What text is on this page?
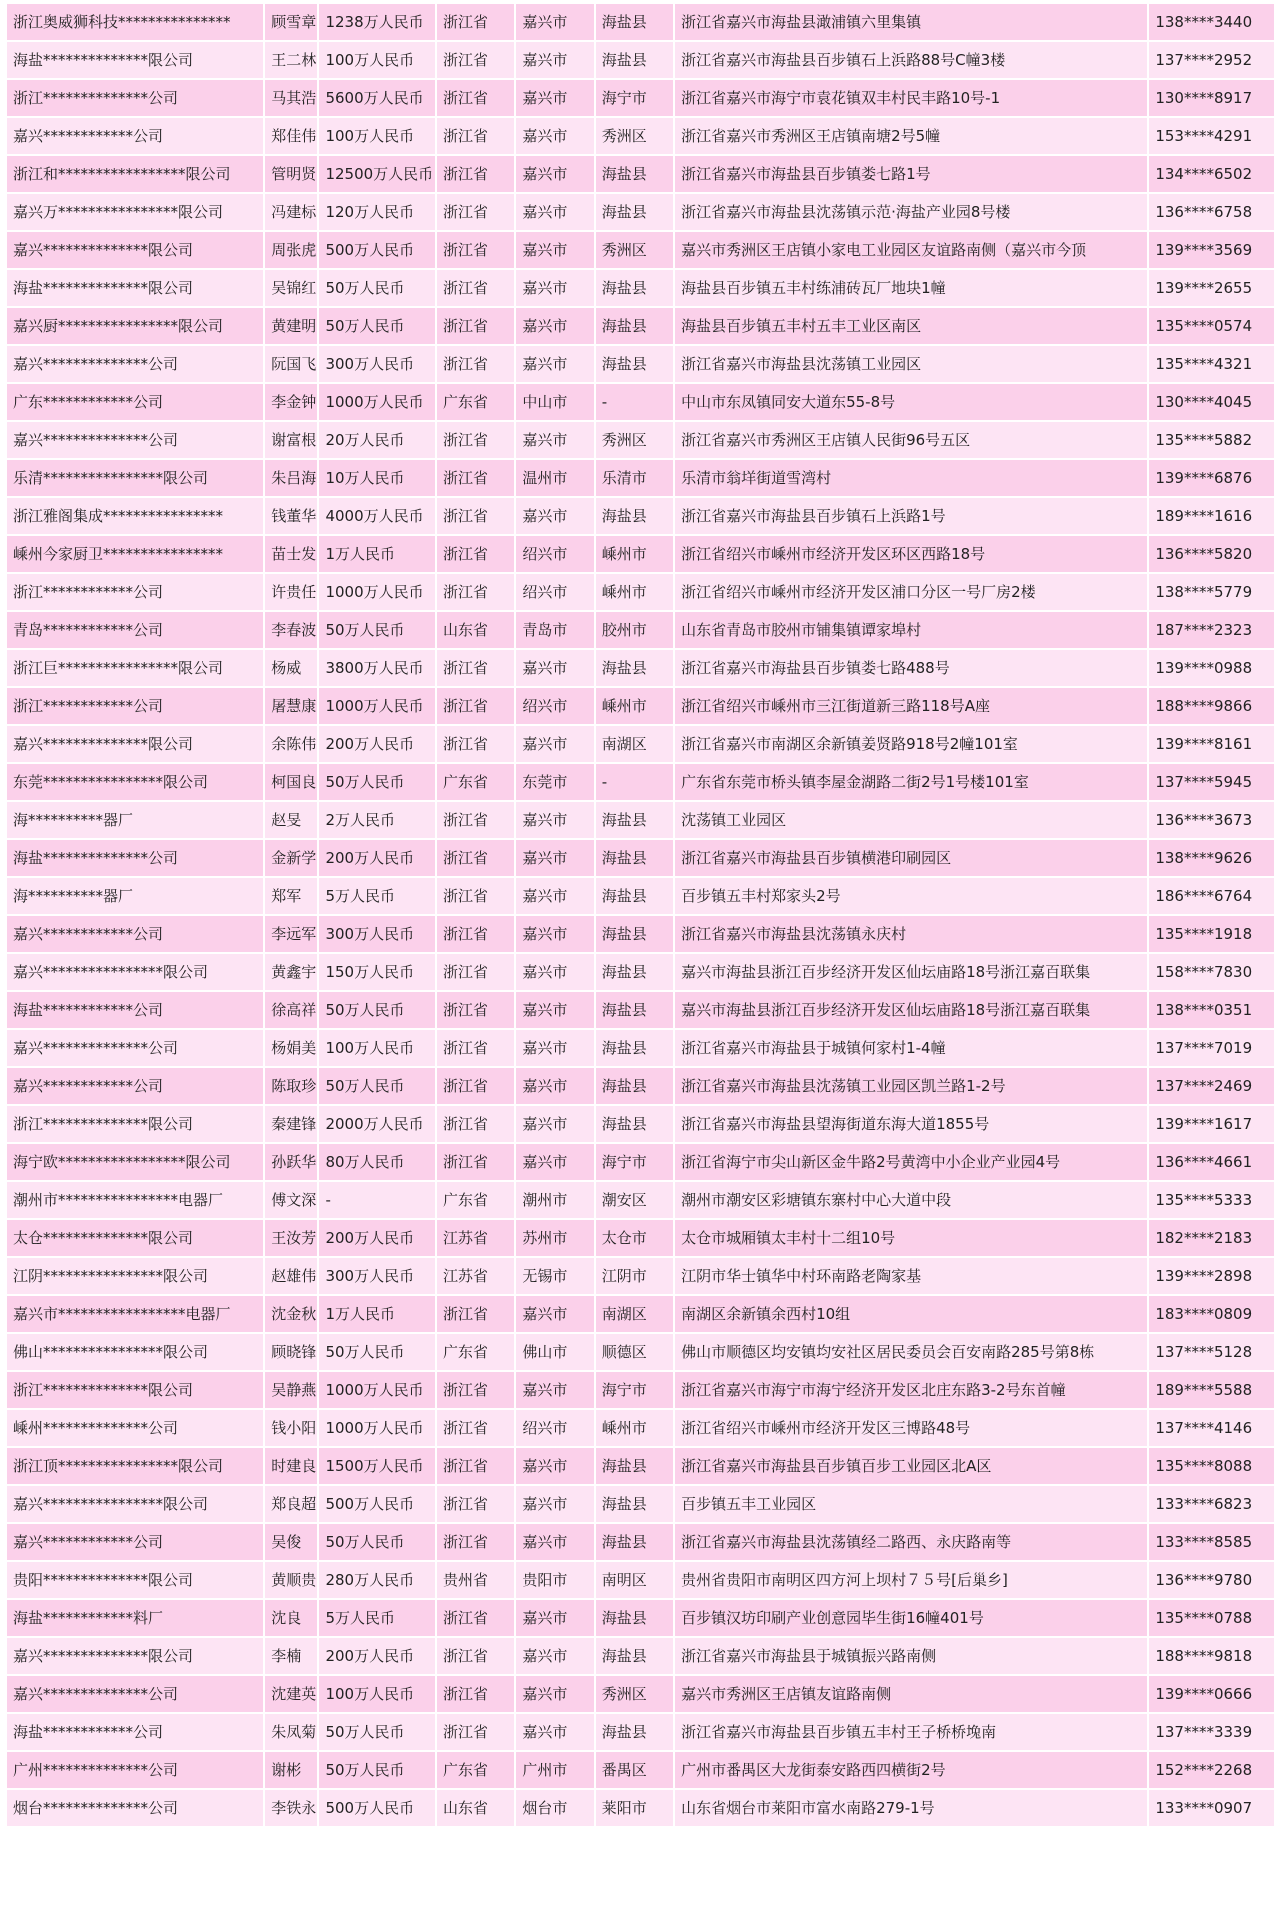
浙江奥威狮科技***************	顾雪章	1238万人民币	浙江省	嘉兴市	海盐县	浙江省嘉兴市海盐县澉浦镇六里集镇	138****3440
海盐**************限公司	王二林	100万人民币	浙江省	嘉兴市	海盐县	浙江省嘉兴市海盐县百步镇石上浜路88号C幢3楼	137****2952
浙江**************公司	马其浩	5600万人民币	浙江省	嘉兴市	海宁市	浙江省嘉兴市海宁市袁花镇双丰村民丰路10号-1	130****8917
嘉兴************公司	郑佳伟	100万人民币	浙江省	嘉兴市	秀洲区	浙江省嘉兴市秀洲区王店镇南塘2号5幢	153****4291
浙江和*****************限公司	管明贤	12500万人民币	浙江省	嘉兴市	海盐县	浙江省嘉兴市海盐县百步镇娄七路1号	134****6502
嘉兴万****************限公司	冯建标	120万人民币	浙江省	嘉兴市	海盐县	浙江省嘉兴市海盐县沈荡镇示范·海盐产业园8号楼	136****6758
嘉兴**************限公司	周张虎	500万人民币	浙江省	嘉兴市	秀洲区	嘉兴市秀洲区王店镇小家电工业园区友谊路南侧（嘉兴市今顶	139****3569
海盐**************限公司	吴锦红	50万人民币	浙江省	嘉兴市	海盐县	海盐县百步镇五丰村练浦砖瓦厂地块1幢	139****2655
嘉兴厨****************限公司	黄建明	50万人民币	浙江省	嘉兴市	海盐县	海盐县百步镇五丰村五丰工业区南区	135****0574
嘉兴**************公司	阮国飞	300万人民币	浙江省	嘉兴市	海盐县	浙江省嘉兴市海盐县沈荡镇工业园区	135****4321
广东************公司	李金钟	1000万人民币	广东省	中山市	-	中山市东凤镇同安大道东55-8号	130****4045
嘉兴**************公司	谢富根	20万人民币	浙江省	嘉兴市	秀洲区	浙江省嘉兴市秀洲区王店镇人民街96号五区	135****5882
乐清****************限公司	朱吕海	10万人民币	浙江省	温州市	乐清市	乐清市翁垟街道雪湾村	139****6876
浙江雅阁集成****************	钱董华	4000万人民币	浙江省	嘉兴市	海盐县	浙江省嘉兴市海盐县百步镇石上浜路1号	189****1616
嵊州今家厨卫****************	苗士发	1万人民币	浙江省	绍兴市	嵊州市	浙江省绍兴市嵊州市经济开发区环区西路18号	136****5820
浙江************公司	许贵任	1000万人民币	浙江省	绍兴市	嵊州市	浙江省绍兴市嵊州市经济开发区浦口分区一号厂房2楼	138****5779
青岛************公司	李春波	50万人民币	山东省	青岛市	胶州市	山东省青岛市胶州市铺集镇谭家埠村	187****2323
浙江巨****************限公司	杨威	3800万人民币	浙江省	嘉兴市	海盐县	浙江省嘉兴市海盐县百步镇娄七路488号	139****0988
浙江************公司	屠慧康	1000万人民币	浙江省	绍兴市	嵊州市	浙江省绍兴市嵊州市三江街道新三路118号A座	188****9866
嘉兴**************限公司	余陈伟	200万人民币	浙江省	嘉兴市	南湖区	浙江省嘉兴市南湖区余新镇姜贤路918号2幢101室	139****8161
东莞****************限公司	柯国良	50万人民币	广东省	东莞市	-	广东省东莞市桥头镇李屋金湖路二街2号1号楼101室	137****5945
海**********器厂	赵旻	2万人民币	浙江省	嘉兴市	海盐县	沈荡镇工业园区	136****3673
海盐**************公司	金新学	200万人民币	浙江省	嘉兴市	海盐县	浙江省嘉兴市海盐县百步镇横港印刷园区	138****9626
海**********器厂	郑军	5万人民币	浙江省	嘉兴市	海盐县	百步镇五丰村郑家头2号	186****6764
嘉兴************公司	李远军	300万人民币	浙江省	嘉兴市	海盐县	浙江省嘉兴市海盐县沈荡镇永庆村	135****1918
嘉兴****************限公司	黄鑫宇	150万人民币	浙江省	嘉兴市	海盐县	嘉兴市海盐县浙江百步经济开发区仙坛庙路18号浙江嘉百联集	158****7830
海盐************公司	徐高祥	50万人民币	浙江省	嘉兴市	海盐县	嘉兴市海盐县浙江百步经济开发区仙坛庙路18号浙江嘉百联集	138****0351
嘉兴**************公司	杨娟美	100万人民币	浙江省	嘉兴市	海盐县	浙江省嘉兴市海盐县于城镇何家村1-4幢	137****7019
嘉兴************公司	陈取珍	50万人民币	浙江省	嘉兴市	海盐县	浙江省嘉兴市海盐县沈荡镇工业园区凯兰路1-2号	137****2469
浙江**************限公司	秦建锋	2000万人民币	浙江省	嘉兴市	海盐县	浙江省嘉兴市海盐县望海街道东海大道1855号	139****1617
海宁欧*****************限公司	孙跃华	80万人民币	浙江省	嘉兴市	海宁市	浙江省海宁市尖山新区金牛路2号黄湾中小企业产业园4号	136****4661
潮州市****************电器厂	傅文深	-	广东省	潮州市	潮安区	潮州市潮安区彩塘镇东寨村中心大道中段	135****5333
太仓**************限公司	王汝芳	200万人民币	江苏省	苏州市	太仓市	太仓市城厢镇太丰村十二组10号	182****2183
江阴****************限公司	赵雄伟	300万人民币	江苏省	无锡市	江阴市	江阴市华士镇华中村环南路老陶家基	139****2898
嘉兴市*****************电器厂	沈金秋	1万人民币	浙江省	嘉兴市	南湖区	南湖区余新镇余西村10组	183****0809
佛山****************限公司	顾晓锋	50万人民币	广东省	佛山市	顺德区	佛山市顺德区均安镇均安社区居民委员会百安南路285号第8栋	137****5128
浙江**************限公司	吴静燕	1000万人民币	浙江省	嘉兴市	海宁市	浙江省嘉兴市海宁市海宁经济开发区北庄东路3-2号东首幢	189****5588
嵊州**************公司	钱小阳	1000万人民币	浙江省	绍兴市	嵊州市	浙江省绍兴市嵊州市经济开发区三博路48号	137****4146
浙江顶****************限公司	时建良	1500万人民币	浙江省	嘉兴市	海盐县	浙江省嘉兴市海盐县百步镇百步工业园区北A区	135****8088
嘉兴****************限公司	郑良超	500万人民币	浙江省	嘉兴市	海盐县	百步镇五丰工业园区	133****6823
嘉兴************公司	吴俊	50万人民币	浙江省	嘉兴市	海盐县	浙江省嘉兴市海盐县沈荡镇经二路西、永庆路南等	133****8585
贵阳**************限公司	黄顺贵	280万人民币	贵州省	贵阳市	南明区	贵州省贵阳市南明区四方河上坝村７５号[后巢乡]	136****9780
海盐************料厂	沈良	5万人民币	浙江省	嘉兴市	海盐县	百步镇汉坊印刷产业创意园毕生街16幢401号	135****0788
嘉兴**************限公司	李楠	200万人民币	浙江省	嘉兴市	海盐县	浙江省嘉兴市海盐县于城镇振兴路南侧	188****9818
嘉兴**************公司	沈建英	100万人民币	浙江省	嘉兴市	秀洲区	嘉兴市秀洲区王店镇友谊路南侧	139****0666
海盐************公司	朱凤菊	50万人民币	浙江省	嘉兴市	海盐县	浙江省嘉兴市海盐县百步镇五丰村王子桥桥堍南	137****3339
广州**************公司	谢彬	50万人民币	广东省	广州市	番禺区	广州市番禺区大龙街泰安路西四横街2号	152****2268
烟台**************公司	李铁永	500万人民币	山东省	烟台市	莱阳市	山东省烟台市莱阳市富水南路279-1号	133****0907
